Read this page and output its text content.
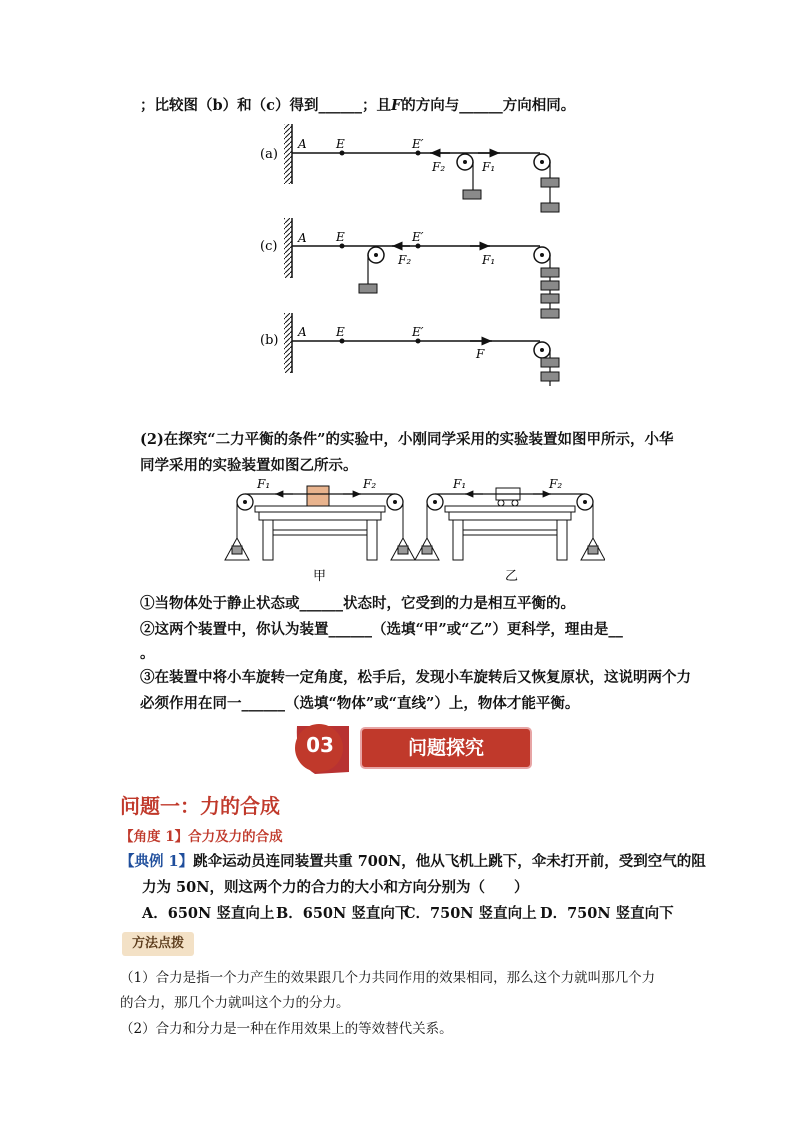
；比较图（b）和（c）得到______；且F的方向与______方向相同。
(a)
A E	E′
F₂	F₁
(c)
A E	E′
F₂	F₁
(b)
A E	E′
F
(2)在探究“二力平衡的条件”的实验中，小刚同学采用的实验装置如图甲所示，小华
同学采用的实验装置如图乙所示。
F₁	F₂
甲
F₁	F₂
乙
①当物体处于静止状态或______状态时，它受到的力是相互平衡的。
②这两个装置中，你认为装置______（选填“甲”或“乙”）更科学，理由是__
。
③在装置中将小车旋转一定角度，松手后，发现小车旋转后又恢复原状，这说明两个力
必须作用在同一______（选填“物体”或“直线”）上，物体才能平衡。
03	问题探究
问题一：力的合成
【角度 1】合力及力的合成
【典例 1】跳伞运动员连同装置共重 700N，他从飞机上跳下，伞未打开前，受到空气的阻
力为 50N，则这两个力的合力的大小和方向分别为（　　）
A．650N 竖直向上 B．650N 竖直向下
C．750N 竖直向上 D．750N 竖直向下
方法点拨
（1）合力是指一个力产生的效果跟几个力共同作用的效果相同，那么这个力就叫那几个力
的合力，那几个力就叫这个力的分力。
（2）合力和分力是一种在作用效果上的等效替代关系。
